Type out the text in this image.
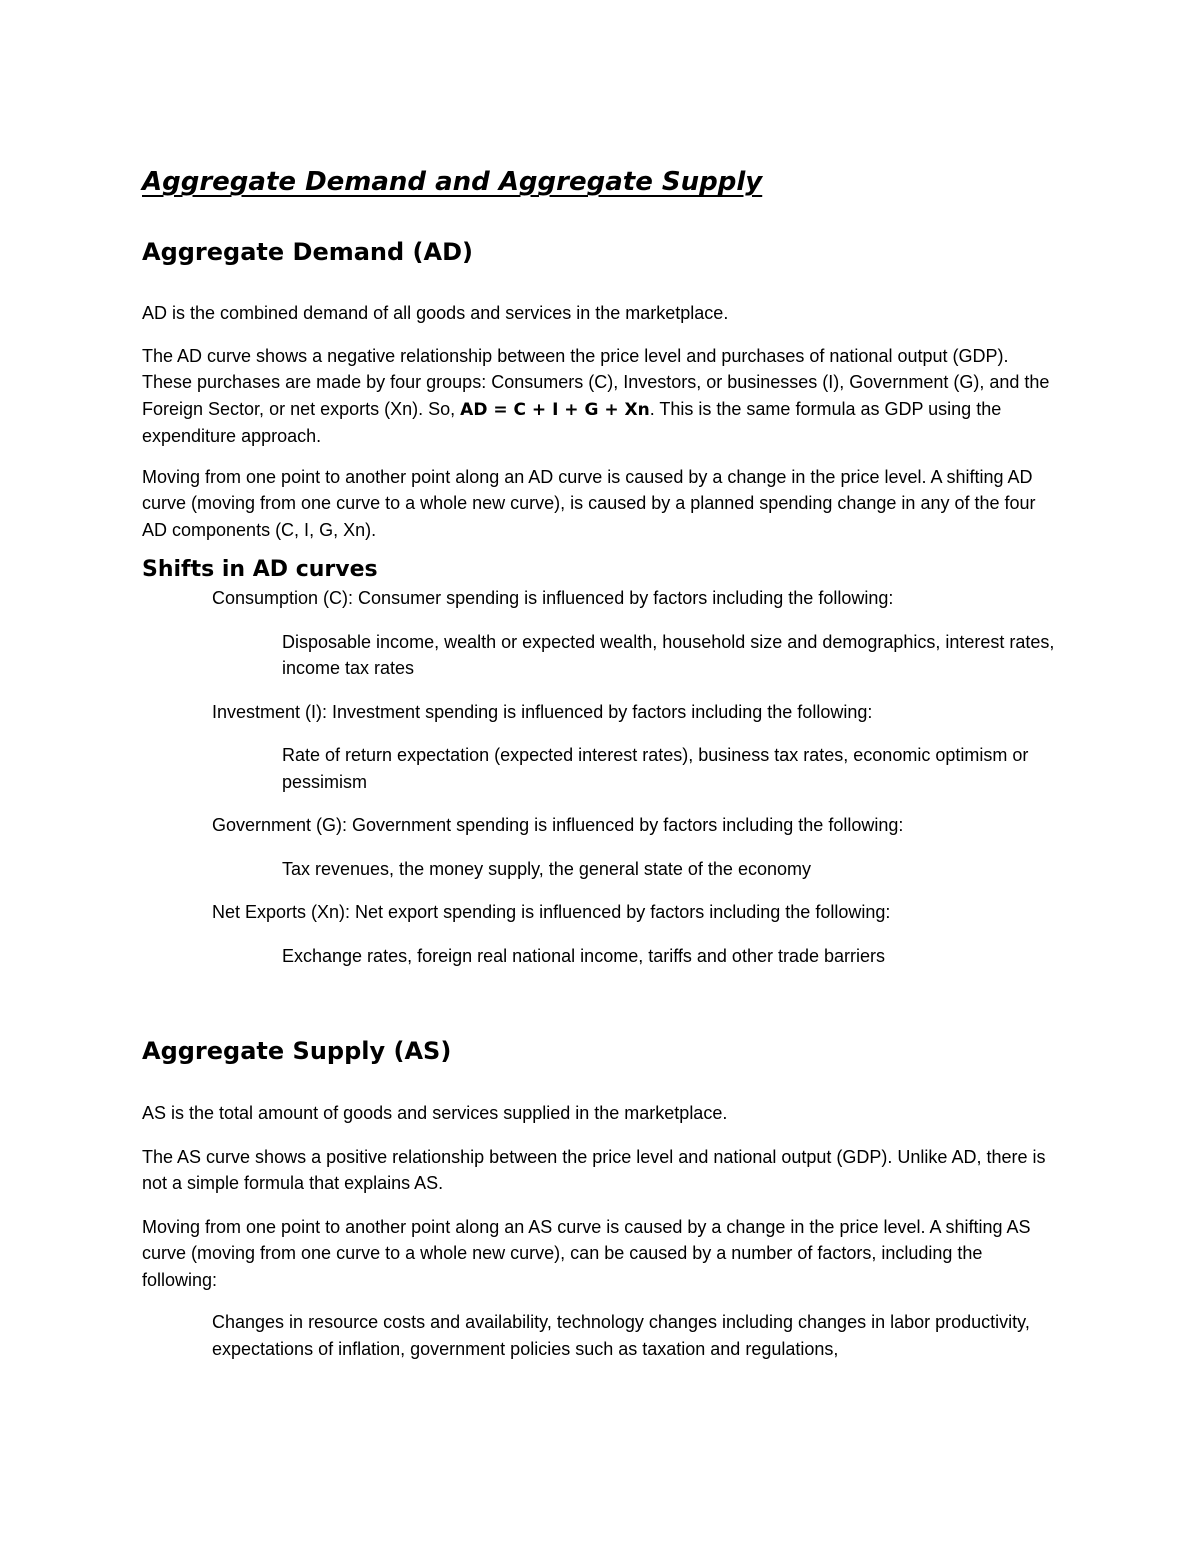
Aggregate Demand and Aggregate Supply
Aggregate Demand (AD)

AD is the combined demand of all goods and services in the marketplace.

The AD curve shows a negative relationship between the price level and purchases of national output (GDP). These purchases are made by four groups: Consumers (C), Investors, or businesses (I), Government (G), and the Foreign Sector, or net exports (Xn). So, AD = C + I + G + Xn. This is the same formula as GDP using the expenditure approach.

Moving from one point to another point along an AD curve is caused by a change in the price level. A shifting AD curve (moving from one curve to a whole new curve), is caused by a planned spending change in any of the four AD components (C, I, G, Xn).

Shifts in AD curves

Consumption (C): Consumer spending is influenced by factors including the following:

Disposable income, wealth or expected wealth, household size and demographics, interest rates, income tax rates

Investment (I): Investment spending is influenced by factors including the following:

Rate of return expectation (expected interest rates), business tax rates, economic optimism or pessimism

Government (G): Government spending is influenced by factors including the following:

Tax revenues, the money supply, the general state of the economy

Net Exports (Xn): Net export spending is influenced by factors including the following:

Exchange rates, foreign real national income, tariffs and other trade barriers

Aggregate Supply (AS)

AS is the total amount of goods and services supplied in the marketplace.

The AS curve shows a positive relationship between the price level and national output (GDP). Unlike AD, there is not a simple formula that explains AS.

Moving from one point to another point along an AS curve is caused by a change in the price level. A shifting AS curve (moving from one curve to a whole new curve), can be caused by a number of factors, including the following:

Changes in resource costs and availability, technology changes including changes in labor productivity, expectations of inflation, government policies such as taxation and regulations,
